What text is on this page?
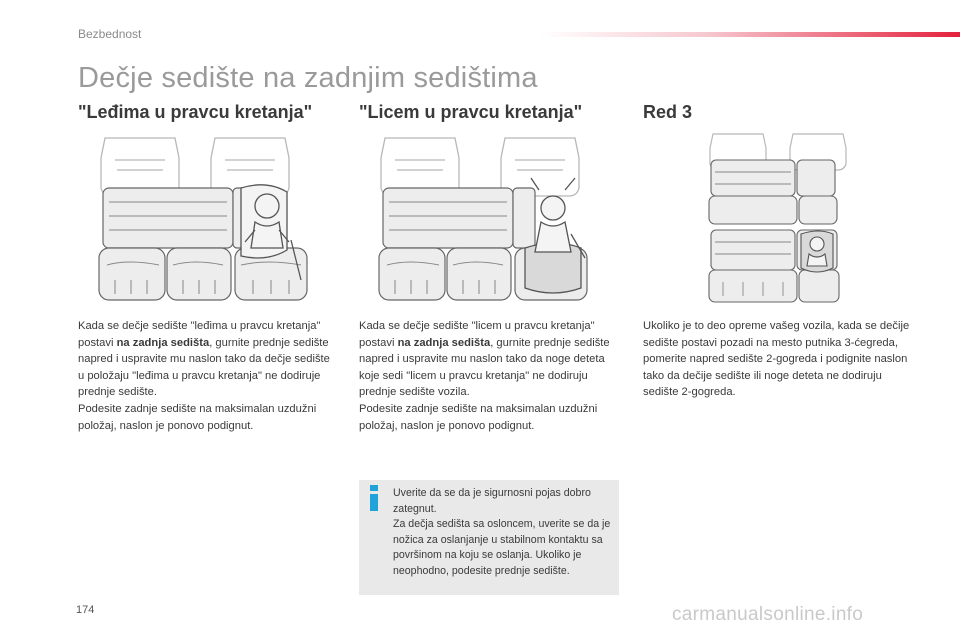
Bezbednost
Dečje sedište na zadnjim sedištima
"Leđima u pravcu kretanja"	"Licem u pravcu kretanja"	Red 3
Kada se dečje sedište "leđima u pravcu kretanja" postavi na zadnja sedišta, gurnite prednje sedište napred i uspravite mu naslon tako da dečje sedište u položaju "leđima u pravcu kretanja" ne dodiruje prednje sedište.
Podesite zadnje sedište na maksimalan uzdužni položaj, naslon je ponovo podignut.
Kada se dečje sedište "licem u pravcu kretanja" postavi na zadnja sedišta, gurnite prednje sedište napred i uspravite mu naslon tako da noge deteta koje sedi "licem u pravcu kretanja" ne dodiruju prednje sedište vozila.
Podesite zadnje sedište na maksimalan uzdužni položaj, naslon je ponovo podignut.
Ukoliko je to deo opreme vašeg vozila, kada se dečije sedište postavi pozadi na mesto putnika 3-ćegreda, pomerite napred sedište 2-gogreda i podignite naslon tako da dečije sedište ili noge deteta ne dodiruju sedište 2-gogreda.
Uverite da se da je sigurnosni pojas dobro zategnut.
Za dečja sedišta sa osloncem, uverite se da je nožica za oslanjanje u stabilnom kontaktu sa površinom na koju se oslanja. Ukoliko je neophodno, podesite prednje sedište.
174	carmanualsonline.info
